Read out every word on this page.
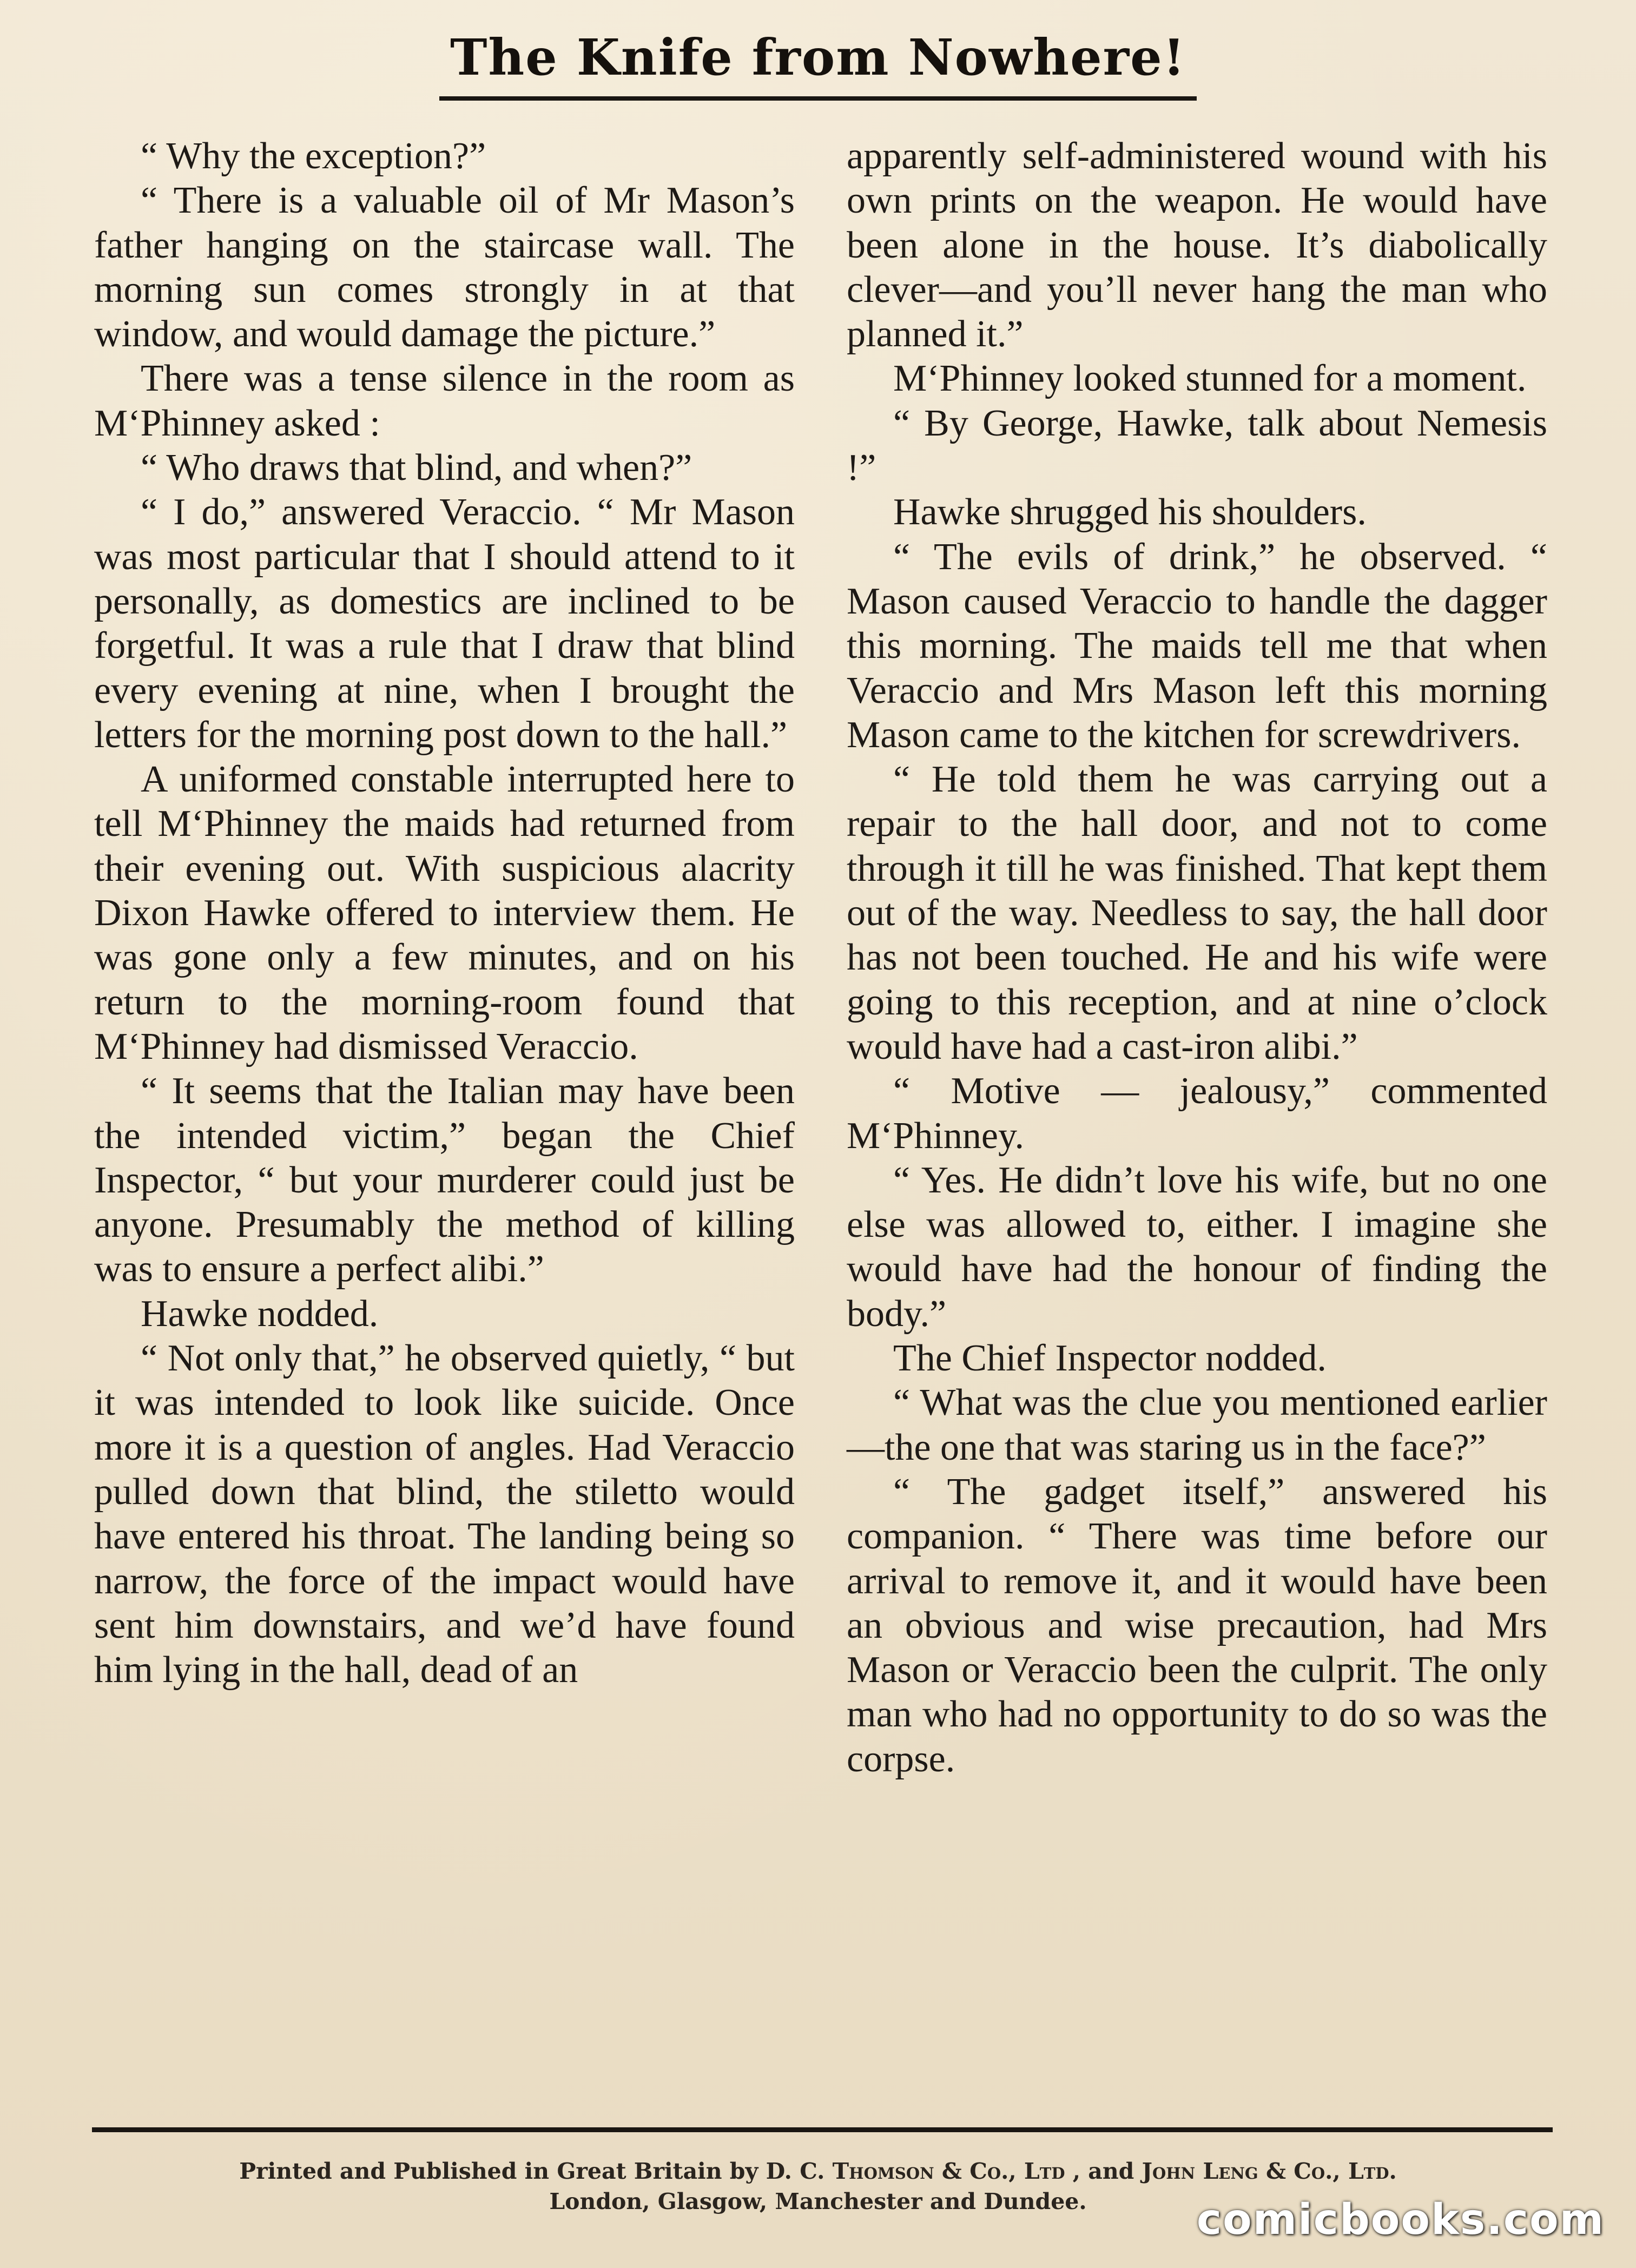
The Knife from Nowhere!

“ Why the exception?”

“ There is a valuable oil of Mr Mason’s father hanging on the staircase wall. The morning sun comes strongly in at that window, and would damage the picture.”

There was a tense silence in the room as M‘Phinney asked :

“ Who draws that blind, and when?”

“ I do,” answered Veraccio. “ Mr Mason was most particular that I should attend to it personally, as domestics are inclined to be forgetful. It was a rule that I draw that blind every evening at nine, when I brought the letters for the morning post down to the hall.”

A uniformed constable interrupted here to tell M‘Phinney the maids had returned from their evening out. With suspicious alacrity Dixon Hawke offered to interview them. He was gone only a few minutes, and on his return to the morning-room found that M‘Phinney had dismissed Veraccio.

“ It seems that the Italian may have been the intended victim,” began the Chief Inspector, “ but your murderer could just be anyone. Presumably the method of killing was to ensure a perfect alibi.”

Hawke nodded.

“ Not only that,” he observed quietly, “ but it was intended to look like suicide. Once more it is a question of angles. Had Veraccio pulled down that blind, the stiletto would have entered his throat. The landing being so narrow, the force of the impact would have sent him downstairs, and we’d have found him lying in the hall, dead of an

apparently self-administered wound with his own prints on the weapon. He would have been alone in the house. It’s diabolically clever—and you’ll never hang the man who planned it.”

M‘Phinney looked stunned for a moment.

“ By George, Hawke, talk about Nemesis !”

Hawke shrugged his shoulders.

“ The evils of drink,” he observed. “ Mason caused Veraccio to handle the dagger this morning. The maids tell me that when Veraccio and Mrs Mason left this morning Mason came to the kitchen for screwdrivers.

“ He told them he was carrying out a repair to the hall door, and not to come through it till he was finished. That kept them out of the way. Needless to say, the hall door has not been touched. He and his wife were going to this reception, and at nine o’clock would have had a cast-iron alibi.”

“ Motive — jealousy,” commented M‘Phinney.

“ Yes. He didn’t love his wife, but no one else was allowed to, either. I imagine she would have had the honour of finding the body.”

The Chief Inspector nodded.

“ What was the clue you mentioned earlier—the one that was staring us in the face?”

“ The gadget itself,” answered his companion. “ There was time before our arrival to remove it, and it would have been an obvious and wise precaution, had Mrs Mason or Veraccio been the culprit. The only man who had no opportunity to do so was the corpse.

Printed and Published in Great Britain by D. C. Thomson & Co., Ltd , and John Leng & Co., Ltd.
London, Glasgow, Manchester and Dundee.	comicbooks.com
